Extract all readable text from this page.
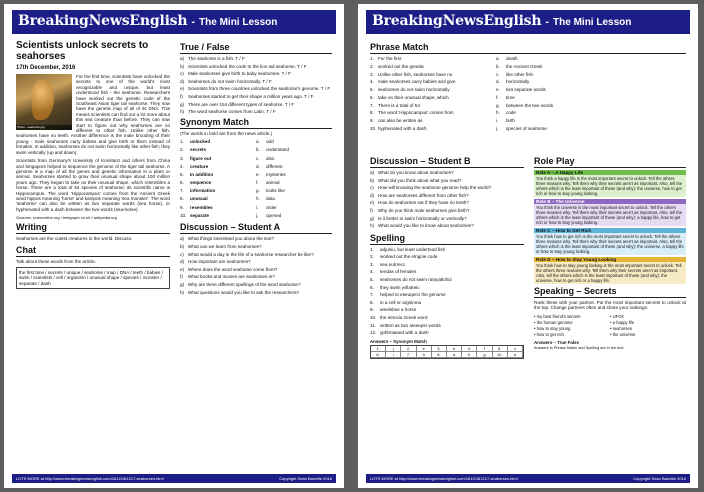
BreakingNewsEnglish - The Mini Lesson
Scientists unlock secrets to seahorses
17th December, 2016
Photo - seahorse.jpg

For the first time, scientists have unlocked the secrets to one of the world's most recognizable and unique, but least understood fish - the seahorse. Researchers have worked out the genetic code of the Southeast Asian tiger tail seahorse. They now have the genetic map of all of its DNA. This means scientists can find out a lot more about this sea creature than before. They can now start to figure out why seahorses are so different to other fish. Unlike other fish, seahorses have no teeth. Another difference is the male brooding of their young - male seahorses carry babies and give birth to them instead of females. In addition, seahorses do not swim horizontally like other fish; they swim vertically (up and down).

Scientists from Germany's University of Konstanz and others from China and Singapore helped to sequence the genome of the tiger tail seahorse. A genome is a map of all the genes and genetic information in a plant or animal. Seahorses started to grow their unusual shape about 100 million years ago. They began to take on their unusual shape, which resembles a horse. There are a total of 54 species of seahorse; its scientific name is Hippocampus. The word 'Hippocampus' comes from the Ancient Greek word hippos meaning 'horse' and kampos meaning 'sea monster'. The word 'seahorse' can also be written as two separate words (sea horse), or hyphenated with a dash between the two words (sea-horse).

Sources: scienceline.org / telegraph.co.uk / wikipedia.org
Writing

Seahorses are the cutest creatures in the world. Discuss.

Chat

Talk about these words from the article.

the first time / secrets / unique / seahorse / map / DNA / teeth / babies / swim / scientists / cell / organism / unusual shape / species / monster / separate / dash
True / False
a) The seahorse is a fish. T / F
b) Scientists unlocked the code to the lion tail seahorse. T / F
c) Male seahorses give birth to baby seahorses. T / F
d) Seahorses do not swim horizontally. T / F
e) Scientists from three countries unlocked the seahorse's genome. T / F
f)	Seahorses started to get their shape a million years ago. T / F
g) There are over 154 different types of seahorse. T / F
h) The word seahorse comes from Latin. T / F
Synonym Match
(The words in bold are from the news article.)
1.	unlocked	a.	odd
2.	secrets	b.	understand
3.	figure out	c.	also
4.	creature	d.	different
5.	In addition	e.	mysteries
6.	sequence	f.	animal
7.	information	g.	looks like
8.	unusual	h.	data
9.	resembles	i.	order
10. separate	j.	opened
Discussion – Student A
a) What things interested you about the text?
b) What can we learn from seahorses?
c) What would a day in the life of a seahorse researcher be like?
d) How important are seahorses?
e) Where does the word seahorse come from?
f)	What books and movies are seahorses in?
g) Why are there different spellings of the word seahorse?
h) What questions would you like to ask the researchers?
LOTS MORE at http://www.breakingnewsenglish.com/1612/161217-seahorses.html	Copyright Sean Banville 2016
BreakingNewsEnglish - The Mini Lesson
Phrase Match
1. For the first	a.	death
2. worked out the genetic	b.	the Ancient Greek
3. Unlike other fish, seahorses have no	c.	like other fish
4. male seahorses carry babies and give	d.	horizontally
5. seahorses do not swim horizontally	e.	two separate words
6. take on their unusual shape, which	f.	time
7. There is a total of 54	g.	between the two words
8. The word 'Hippocampus' comes from	h.	code
9. can also be written as	i.	birth
10. hyphenated with a dash	j.	species of seahorse
Discussion – Student B
a) What do you know about seahorses?
b) What did you think about what you read?
c) How will knowing the seahorse genome help the world?
d) How are seahorses different from other fish?
e) How do seahorses eat if they have no teeth?
f)	Why do you think male seahorses give birth?
g) Is it better to swim horizontally or vertically?
h) What would you like to know about seahorses?
Spelling
1.	adjuniu, but least undertood fish
2.	worked out the etngcie code
3.	sea eutrrecc
4.	tendas of females
5.	seahorses do not swim ratoyatlohiz
6.	they swim yvllatreic
7.	helped to eseuqecn the genome
8.	in a cell or argsinma
9.	amelsbse a horse
10. the etnncia Greek word
11. written as two ateeepsr words
12. yphhntaeed with a dash
Answers – Synonym Match
1.	j	2.	e	3.	b	4.	f	5.	c
6.	i	7.	h	8.	a	9.	g	10.	d
Role Play
Role A – A Happy Life
You think a happy life is the most important secret to unlock. Tell the others three reasons why. Tell them why their secrets aren't as important. Also, tell the others which is the least important of these (and why): the universe, how to get rich or how to stay young looking.
Role B – The Universe
You think the universe is the most important secret to unlock. Tell the others three reasons why. Tell them why their secrets aren't as important. Also, tell the others which is the least important of these (and why): a happy life, how to get rich or how to stay young looking.
Role C – How to Get Rich
You think how to get rich is the most important secret to unlock. Tell the others three reasons why. Tell them why their secrets aren't as important. Also, tell the others which is the least important of these (and why): the universe, a happy life or how to stay young looking.
Role D – How to Stay Young Looking
You think how to stay young looking is the most important secret to unlock. Tell the others three reasons why. Tell them why their secrets aren't as important. Also, tell the others which is the least important of these (and why): the universe, how to get rich or a happy life.
Speaking – Secrets

Rank these with your partner. Put the most important secrets to unlock at the top. Change partners often and share your rankings.

• my best friend's secrets	• UFOs
• the human genome	• a happy life
• how to stay young	• seahorses
• how to get rich	• the universe
Answers – True False
Answers to Phrase Match and Spelling are in the text.
LOTS MORE at http://www.breakingnewsenglish.com/1612/161217-seahorses.html	Copyright Sean Banville 2016
